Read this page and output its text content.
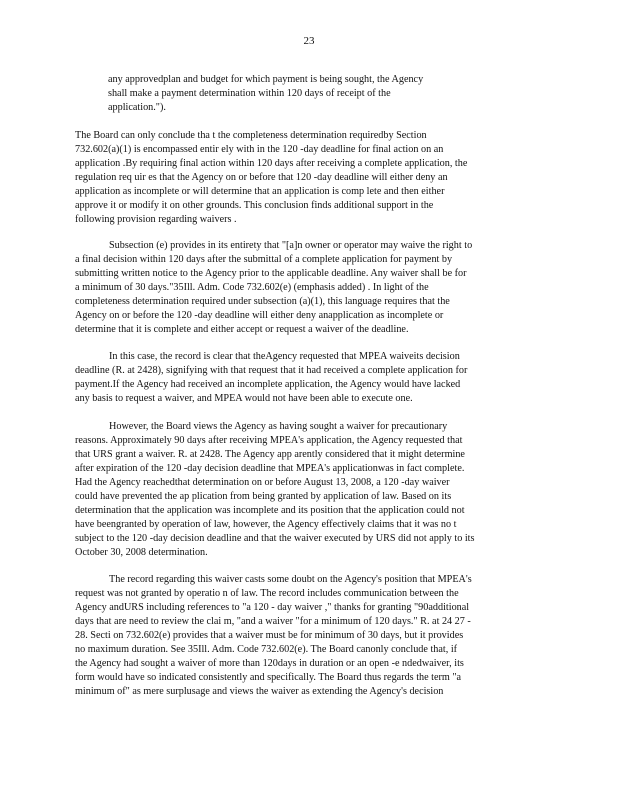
23
any approvedplan and budget for which payment is being sought, the Agency
shall make a payment determination within 120 days of receipt of the
application.").
The Board can only conclude tha t the completeness determination requiredby Section
732.602(a)(1) is encompassed entir ely with in the 120 -day deadline for final action on an
application .By requiring final action within 120 days after receiving a complete application, the
regulation req uir es that the Agency on or before that 120 -day deadline will either deny an
application as incomplete or will determine that an application is comp lete and then either
approve it or modify it on other grounds. This conclusion finds additional support in the
following provision regarding waivers .
Subsection (e) provides in its entirety that "[a]n owner or operator may waive the right to
a final decision within 120 days after the submittal of a complete application for payment by
submitting written notice to the Agency prior to the applicable deadline. Any waiver shall be for
a minimum of 30 days."35Ill. Adm. Code 732.602(e) (emphasis added) . In light of the
completeness determination required under subsection (a)(1), this language requires that the
Agency on or before the 120 -day deadline will either deny anapplication as incomplete or
determine that it is complete and either accept or request a waiver of the deadline.
In this case, the record is clear that theAgency requested that MPEA waiveits decision
deadline (R. at 2428), signifying with that request that it had received a complete application for
payment.If the Agency had received an incomplete application, the Agency would have lacked
any basis to request a waiver, and MPEA would not have been able to execute one.
However, the Board views the Agency as having sought a waiver for precautionary
reasons. Approximately 90 days after receiving MPEA's application, the Agency requested that
that URS grant a waiver. R. at 2428. The Agency app arently considered that it might determine
after expiration of the 120 -day decision deadline that MPEA's applicationwas in fact complete.
Had the Agency reachedthat determination on or before August 13, 2008, a 120 -day waiver
could have prevented the ap plication from being granted by application of law. Based on its
determination that the application was incomplete and its position that the application could not
have beengranted by operation of law, however, the Agency effectively claims that it was no t
subject to the 120 -day decision deadline and that the waiver executed by URS did not apply to its
October 30, 2008 determination.
The record regarding this waiver casts some doubt on the Agency's position that MPEA's
request was not granted by operatio n of law. The record includes communication between the
Agency andURS including references to "a 120 - day waiver ," thanks for granting "90additional
days that are need to review the clai m, "and a waiver "for a minimum of 120 days." R. at 24 27 -
28. Secti on 732.602(e) provides that a waiver must be for minimum of 30 days, but it provides
no maximum duration. See 35Ill. Adm. Code 732.602(e). The Board canonly conclude that, if
the Agency had sought a waiver of more than 120days in duration or an open -e ndedwaiver, its
form would have so indicated consistently and specifically. The Board thus regards the term "a
minimum of" as mere surplusage and views the waiver as extending the Agency's decision
